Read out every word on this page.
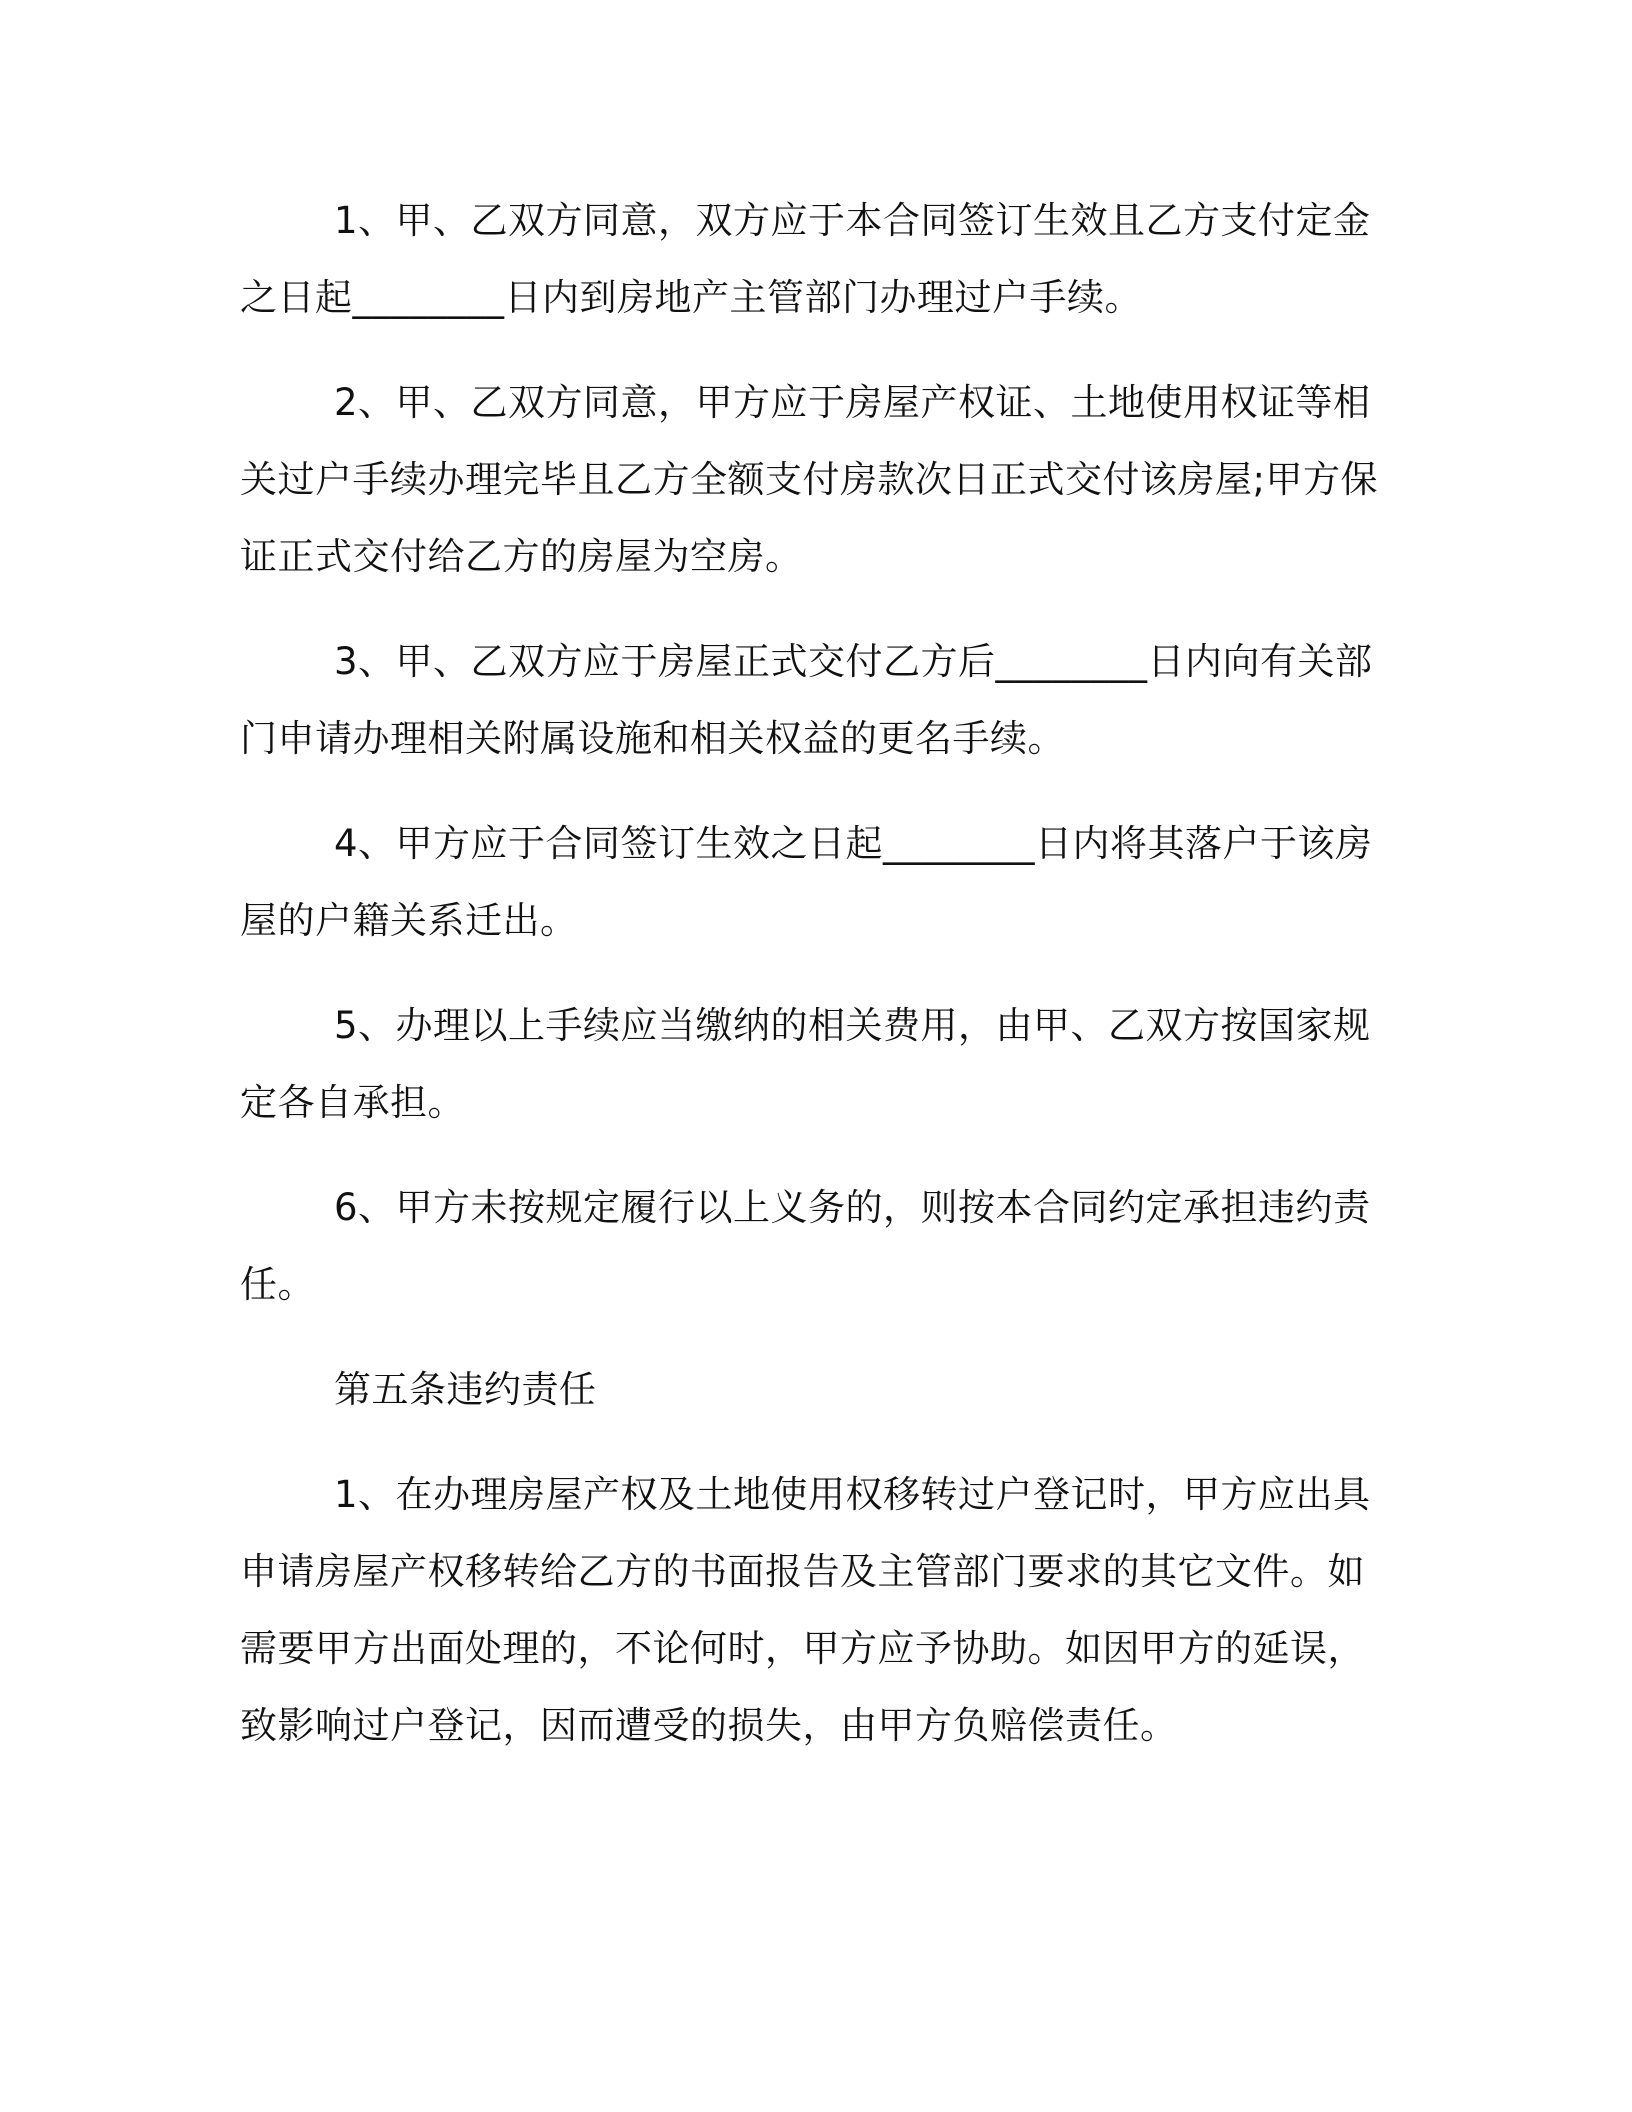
1、甲、乙双方同意，双方应于本合同签订生效且乙方支付定金之日起________日内到房地产主管部门办理过户手续。

2、甲、乙双方同意，甲方应于房屋产权证、土地使用权证等相关过户手续办理完毕且乙方全额支付房款次日正式交付该房屋;甲方保证正式交付给乙方的房屋为空房。

3、甲、乙双方应于房屋正式交付乙方后________日内向有关部门申请办理相关附属设施和相关权益的更名手续。

4、甲方应于合同签订生效之日起________日内将其落户于该房屋的户籍关系迁出。

5、办理以上手续应当缴纳的相关费用，由甲、乙双方按国家规定各自承担。

6、甲方未按规定履行以上义务的，则按本合同约定承担违约责任。

第五条违约责任

1、在办理房屋产权及土地使用权移转过户登记时，甲方应出具申请房屋产权移转给乙方的书面报告及主管部门要求的其它文件。如需要甲方出面处理的，不论何时，甲方应予协助。如因甲方的延误，致影响过户登记，因而遭受的损失，由甲方负赔偿责任。
